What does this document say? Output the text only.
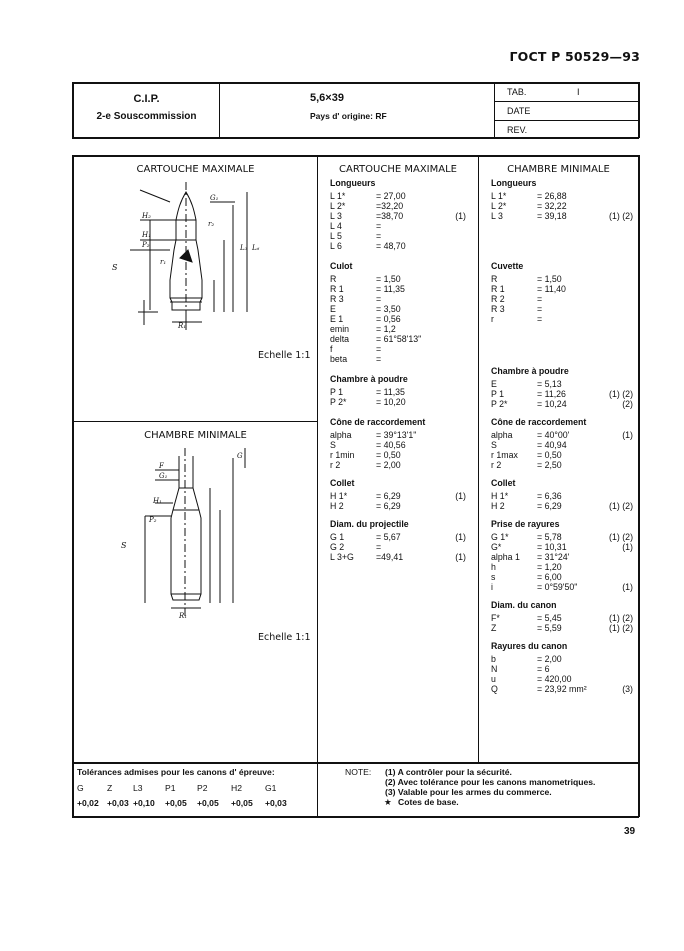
ГОСТ Р 50529—93
C.I.P.
2-e Souscommission
5,6×39
Pays d' origine: RF
TAB.	I
DATE
REV.
CARTOUCHE MAXIMALE
Echelle 1:1
CHAMBRE MINIMALE
Echelle 1:1
S
H₂
H₁
P₂
G₁
r₂
r₁
R₁
L₃ L₆
S
F
G₁
H₁
P₂
R₁
G
CARTOUCHE MAXIMALE
Longueurs
L 1*	= 27,00
L 2*	=32,20
L 3	=38,70	(1)
L 4	=
L 5	=
L 6	= 48,70
Culot
R	= 1,50
R 1	= 11,35
R 3	=
E	= 3,50
E 1	= 0,56
emin	= 1,2
delta	= 61°58'13"
f	=
beta	=
Chambre à poudre
P 1	= 11,35
P 2*	= 10,20
Cône de raccordement
alpha	= 39°13'1"
S	= 40,56
r 1min = 0,50
r 2	= 2,00
Collet
H 1*	= 6,29	(1)
H 2	= 6,29
Diam. du projectile
G 1	= 5,67	(1)
G 2	=
L 3+G	=49,41	(1)
CHAMBRE MINIMALE
Longueurs
L 1*	= 26,88
L 2*	= 32,22
L 3	= 39,18	(1) (2)
Cuvette
R	= 1,50
R 1	= 11,40
R 2	=
R 3	=
r	=
Chambre à poudre
E	= 5,13
P 1	= 11,26	(1) (2)
P 2*	= 10,24	(2)
Cône de raccordement
alpha	= 40°00'	(1)
S	= 40,94
r 1max = 0,50
r 2	= 2,50
Collet
H 1*	= 6,36
H 2	= 6,29	(1) (2)
Prise de rayures
G 1*	= 5,78	(1) (2)
G*	= 10,31	(1)
alpha 1 = 31°24'
h	= 1,20
s	= 6,00
i	= 0°59'50"	(1)
Diam. du canon
F*	= 5,45	(1) (2)
Z	= 5,59	(1) (2)
Rayures du canon
b	= 2,00
N	= 6
u	= 420,00
Q	= 23,92 mm²	(3)
Tolérances admises pour les canons d' épreuve:
G	Z L3	P1 P2	H2	G1
+0,02 +0,03 +0,10 +0,05 +0,05 +0,05 +0,03
NOTE: (1) A contrôler pour la sécurité.
(2) Avec tolérance pour les canons manometriques.
(3) Valable pour les armes du commerce.
★ Cotes de base.
39
